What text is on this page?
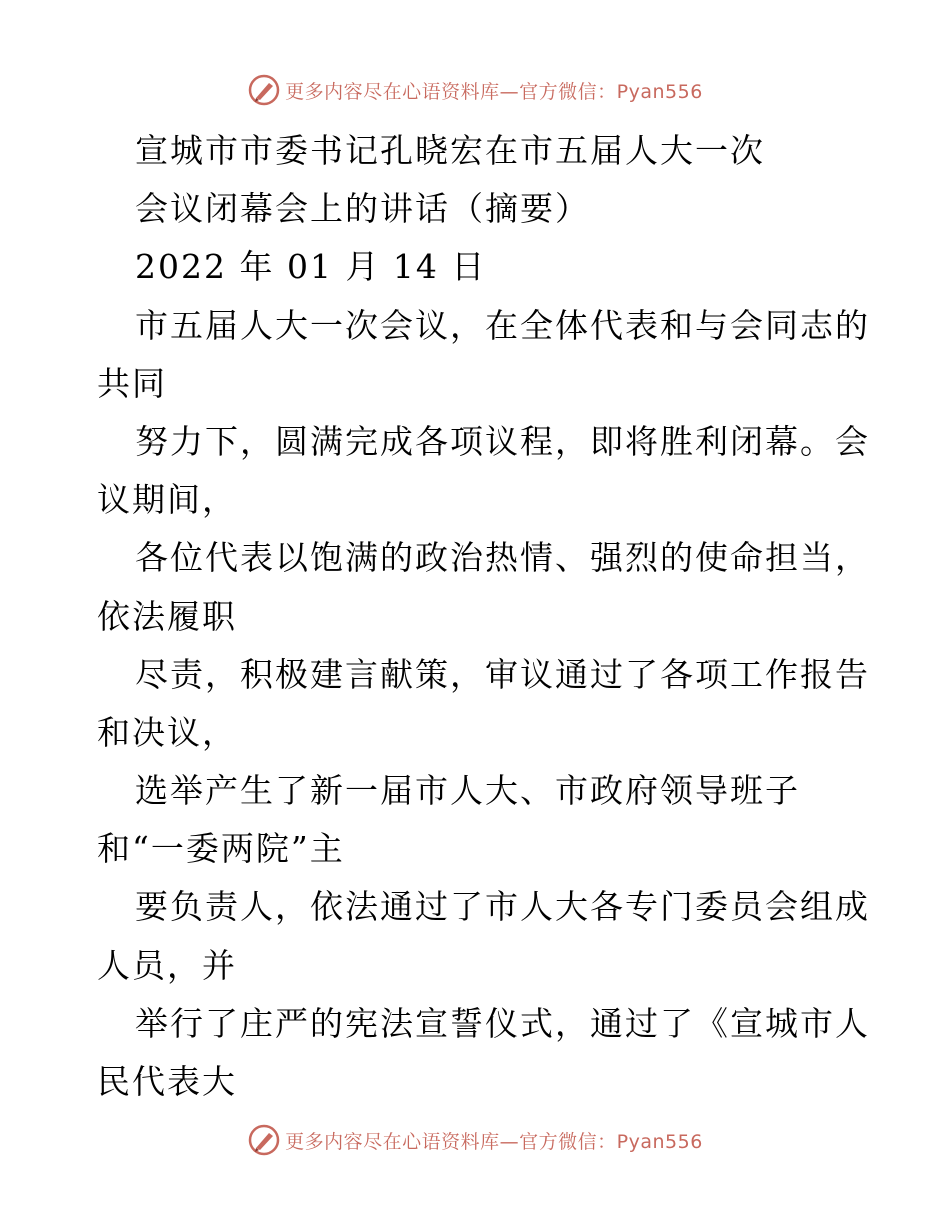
更多内容尽在心语资料库—官方微信：Pyan556
宣城市市委书记孔晓宏在市五届人大一次
会议闭幕会上的讲话（摘要）
2022 年 01 月 14 日
市五届人大一次会议，在全体代表和与会同志的
共同
努力下，圆满完成各项议程，即将胜利闭幕。会
议期间，
各位代表以饱满的政治热情、强烈的使命担当，
依法履职
尽责，积极建言献策，审议通过了各项工作报告
和决议，
选举产生了新一届市人大、市政府领导班子
和“一委两院”主
要负责人，依法通过了市人大各专门委员会组成
人员，并
举行了庄严的宪法宣誓仪式，通过了《宣城市人
民代表大
更多内容尽在心语资料库—官方微信：Pyan556
